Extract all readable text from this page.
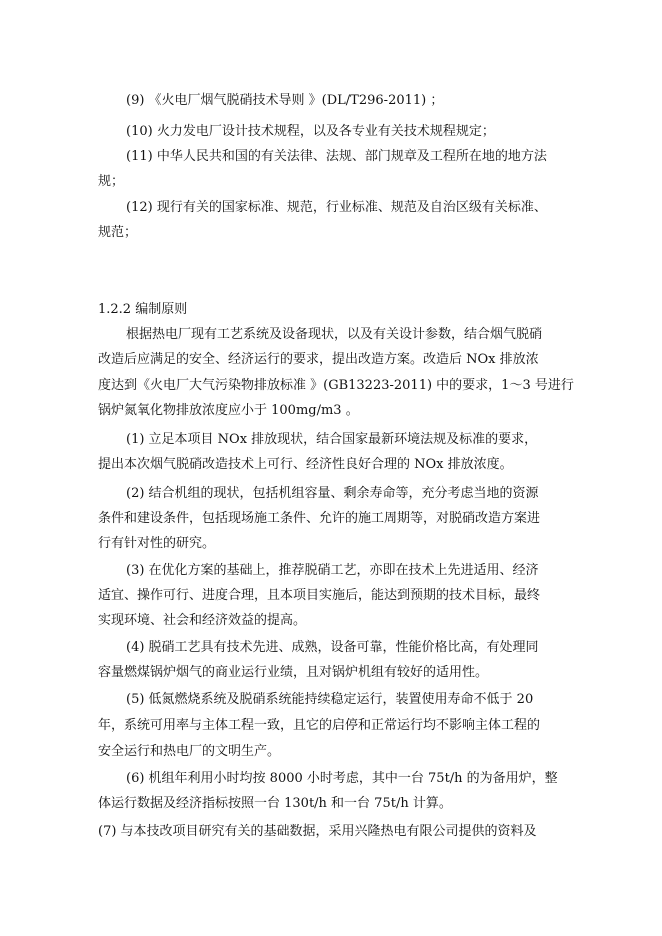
(9) 《火电厂烟气脱硝技术导则 》(DL/T296-2011) ；

(10) 火力发电厂设计技术规程，以及各专业有关技术规程规定；

(11) 中华人民共和国的有关法律、法规、部门规章及工程所在地的地方法

规；

(12) 现行有关的国家标准、规范，行业标准、规范及自治区级有关标准、

规范；

1.2.2 编制原则

根据热电厂现有工艺系统及设备现状，以及有关设计参数，结合烟气脱硝

改造后应满足的安全、经济运行的要求，提出改造方案。改造后 NOx 排放浓

度达到《火电厂大气污染物排放标准 》(GB13223-2011) 中的要求，1～3 号进行

锅炉氮氧化物排放浓度应小于 100mg/m3 。

(1) 立足本项目 NOx 排放现状，结合国家最新环境法规及标准的要求，

提出本次烟气脱硝改造技术上可行、经济性良好合理的 NOx 排放浓度。

(2) 结合机组的现状，包括机组容量、剩余寿命等，充分考虑当地的资源

条件和建设条件，包括现场施工条件、允许的施工周期等，对脱硝改造方案进

行有针对性的研究。

(3) 在优化方案的基础上，推荐脱硝工艺，亦即在技术上先进适用、经济

适宜、操作可行、进度合理，且本项目实施后，能达到预期的技术目标，最终

实现环境、社会和经济效益的提高。

(4) 脱硝工艺具有技术先进、成熟，设备可靠，性能价格比高，有处理同

容量燃煤锅炉烟气的商业运行业绩，且对锅炉机组有较好的适用性。

(5) 低氮燃烧系统及脱硝系统能持续稳定运行，装置使用寿命不低于 20

年，系统可用率与主体工程一致，且它的启停和正常运行均不影响主体工程的

安全运行和热电厂的文明生产。

(6) 机组年利用小时均按 8000 小时考虑，其中一台 75t/h 的为备用炉，整

体运行数据及经济指标按照一台 130t/h 和一台 75t/h 计算。

(7) 与本技改项目研究有关的基础数据，采用兴隆热电有限公司提供的资料及
